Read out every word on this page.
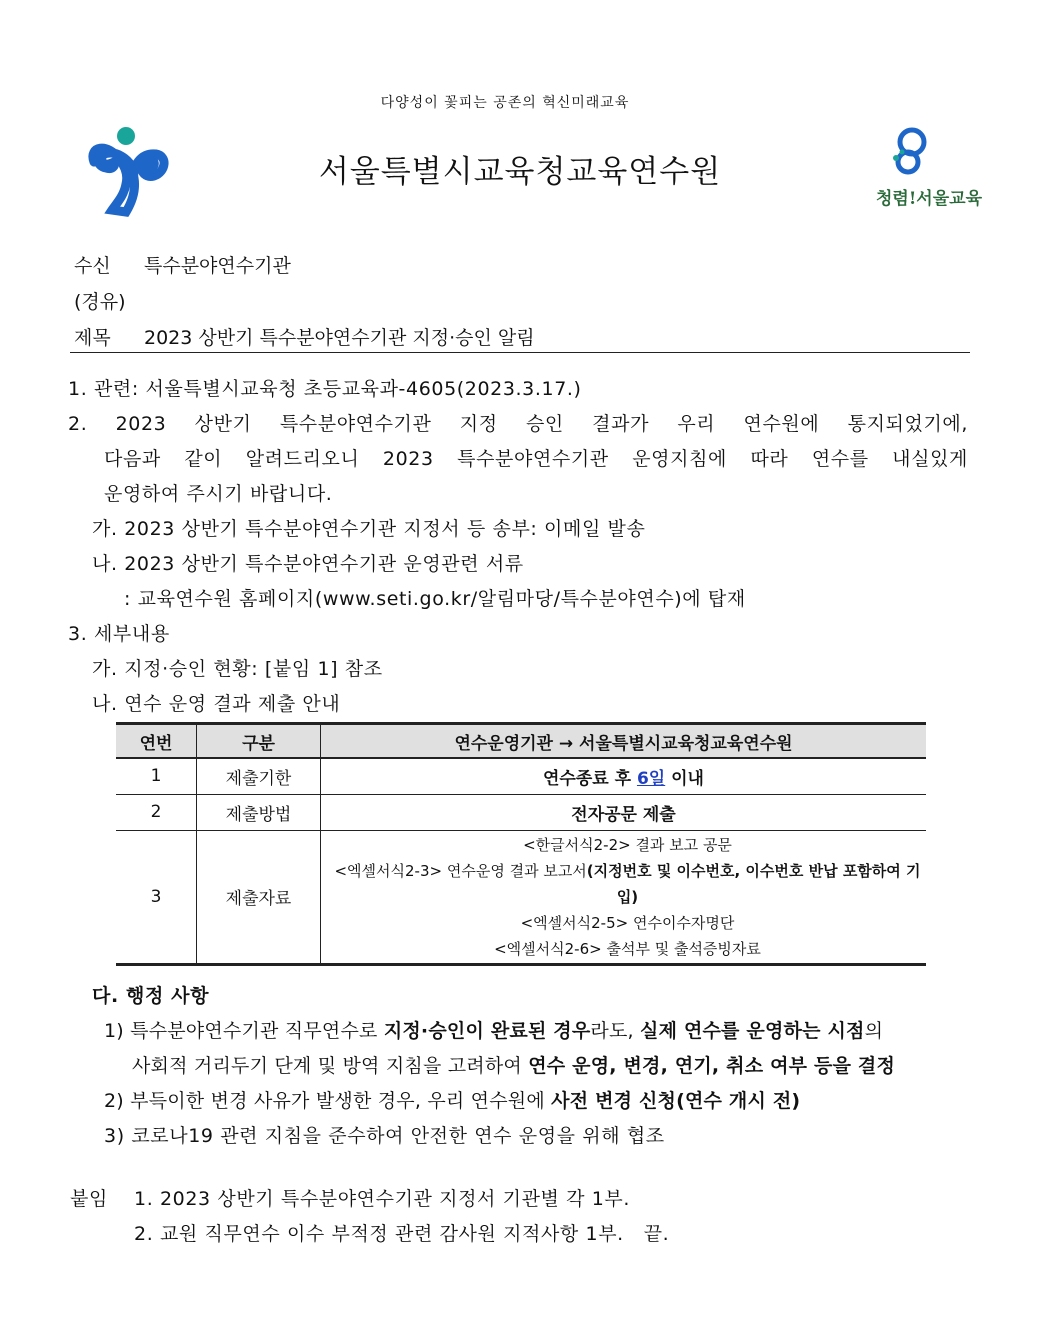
다양성이 꽃피는 공존의 혁신미래교육
서울특별시교육청교육연수원
청렴!서울교육
수신 특수분야연수기관
(경유)
제목 2023 상반기 특수분야연수기관 지정·승인 알림
1. 관련: 서울특별시교육청 초등교육과-4605(2023.3.17.)
2. 2023 상반기 특수분야연수기관 지정 승인 결과가 우리 연수원에 통지되었기에,
다음과 같이 알려드리오니 2023 특수분야연수기관 운영지침에 따라 연수를 내실있게
운영하여 주시기 바랍니다.
가. 2023 상반기 특수분야연수기관 지정서 등 송부: 이메일 발송
나. 2023 상반기 특수분야연수기관 운영관련 서류
: 교육연수원 홈페이지(www.seti.go.kr/알림마당/특수분야연수)에 탑재
3. 세부내용
가. 지정·승인 현황: [붙임 1] 참조
나. 연수 운영 결과 제출 안내
연번	구분	연수운영기관 → 서울특별시교육청교육연수원
1	제출기한	연수종료 후 6일 이내
2	제출방법	전자공문 제출
3	제출자료	<한글서식2-2> 결과 보고 공문
<엑셀서식2-3> 연수운영 결과 보고서(지정번호 및 이수번호, 이수번호 반납 포함하여 기입)
<엑셀서식2-5> 연수이수자명단
<엑셀서식2-6> 출석부 및 출석증빙자료
다. 행정 사항
1) 특수분야연수기관 직무연수로 지정·승인이 완료된 경우라도, 실제 연수를 운영하는 시점의
사회적 거리두기 단계 및 방역 지침을 고려하여 연수 운영, 변경, 연기, 취소 여부 등을 결정
2) 부득이한 변경 사유가 발생한 경우, 우리 연수원에 사전 변경 신청(연수 개시 전)
3) 코로나19 관련 지침을 준수하여 안전한 연수 운영을 위해 협조
붙임 1. 2023 상반기 특수분야연수기관 지정서 기관별 각 1부.
2. 교원 직무연수 이수 부적정 관련 감사원 지적사항 1부.   끝.
